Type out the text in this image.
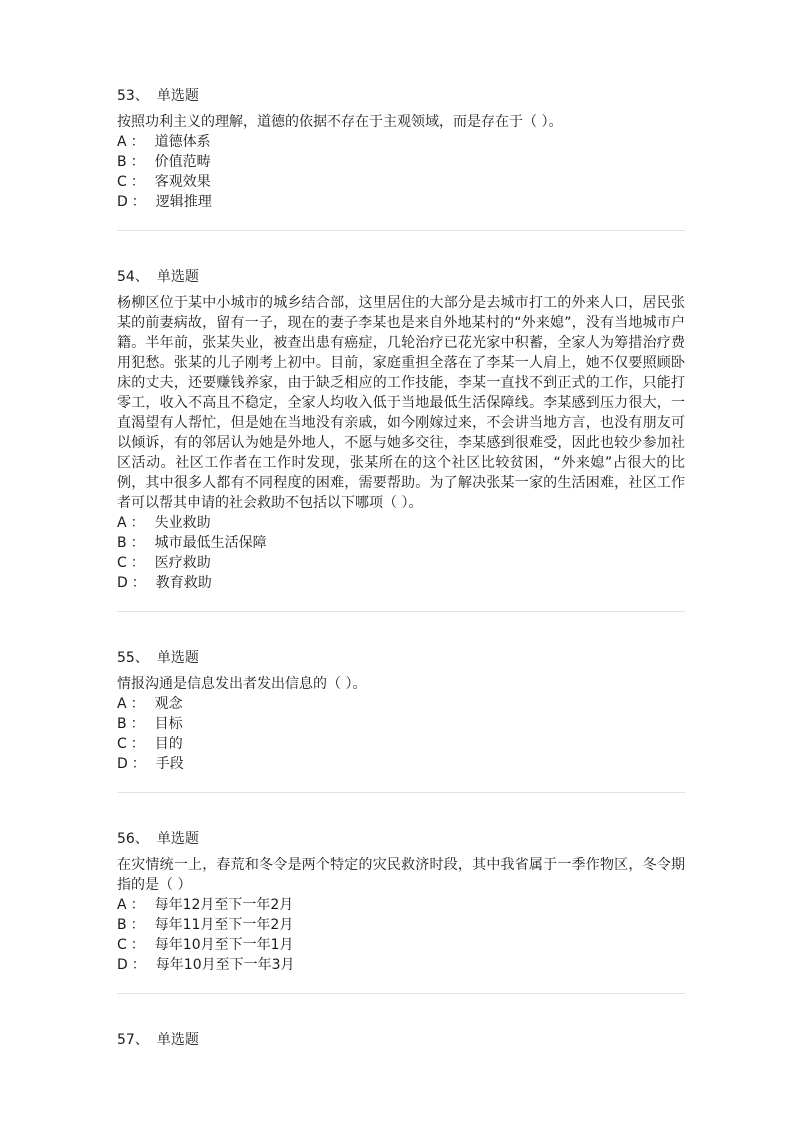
53、 单选题

按照功利主义的理解，道德的依据不存在于主观领域，而是存在于（ ）。

A ： 道德体系
B ： 价值范畴
C ： 客观效果
D ： 逻辑推理
54、 单选题

杨柳区位于某中小城市的城乡结合部，这里居住的大部分是去城市打工的外来人口，居民张某的前妻病故，留有一子，现在的妻子李某也是来自外地某村的“外来媳”，没有当地城市户籍。半年前，张某失业，被查出患有癌症，几轮治疗已花光家中积蓄，全家人为筹措治疗费用犯愁。张某的儿子刚考上初中。目前，家庭重担全落在了李某一人肩上，她不仅要照顾卧床的丈夫，还要赚钱养家，由于缺乏相应的工作技能，李某一直找不到正式的工作，只能打零工，收入不高且不稳定，全家人均收入低于当地最低生活保障线。李某感到压力很大，一直渴望有人帮忙，但是她在当地没有亲戚，如今刚嫁过来，不会讲当地方言，也没有朋友可以倾诉，有的邻居认为她是外地人，不愿与她多交往，李某感到很难受，因此也较少参加社区活动。社区工作者在工作时发现，张某所在的这个社区比较贫困，“外来媳”占很大的比例，其中很多人都有不同程度的困难，需要帮助。为了解决张某一家的生活困难，社区工作者可以帮其申请的社会救助不包括以下哪项（ ）。

A ： 失业救助
B ： 城市最低生活保障
C ： 医疗救助
D ： 教育救助
55、 单选题

情报沟通是信息发出者发出信息的（ ）。

A ： 观念
B ： 目标
C ： 目的
D ： 手段
56、 单选题

在灾情统一上，春荒和冬令是两个特定的灾民救济时段，其中我省属于一季作物区，冬令期指的是（ ）

A ： 每年12月至下一年2月
B ： 每年11月至下一年2月
C ： 每年10月至下一年1月
D ： 每年10月至下一年3月
57、 单选题
